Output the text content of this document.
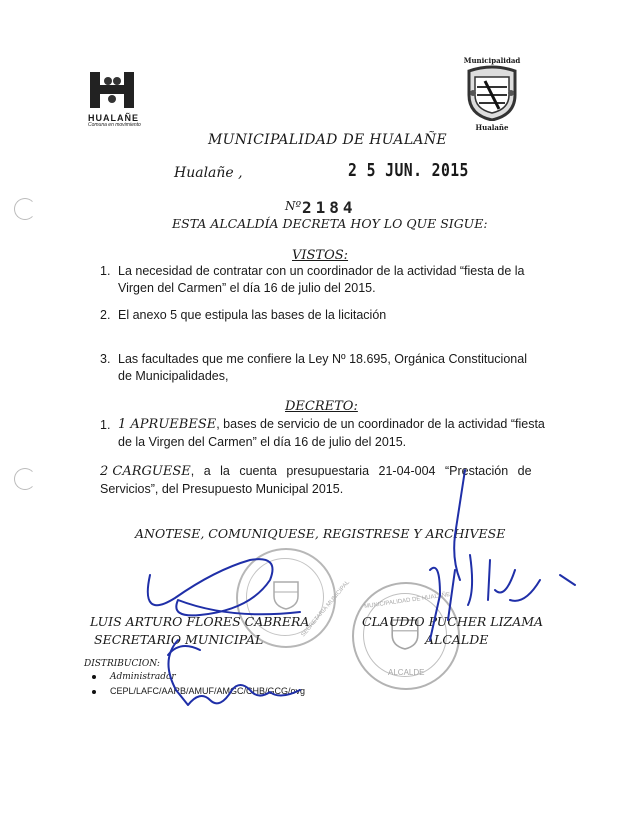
HUALAÑE
Comuna en movimiento
Municipalidad
Hualañe
MUNICIPALIDAD DE HUALAÑE
Hualañe ,	2 5 JUN. 2015
Nº 2184
ESTA ALCALDÍA DECRETA HOY LO QUE SIGUE:
VISTOS:
1. La necesidad de contratar con un coordinador de la actividad “fiesta de la
Virgen del Carmen” el día 16 de julio del 2015.
2. El anexo 5 que estipula las bases de la licitación
3. Las facultades que me confiere la Ley Nº 18.695, Orgánica Constitucional
de Municipalidades,
DECRETO:
1. 1 APRUEBESE, bases de servicio de un coordinador de la actividad “fiesta
de la Virgen del Carmen” el día 16 de julio del 2015.
2 CARGUESE, a la cuenta presupuestaria 21-04-004 “Prestación de
Servicios”, del Presupuesto Municipal 2015.
ANOTESE, COMUNIQUESE, REGISTRESE Y ARCHIVESE
SECRETARIA MUNICIPAL MUNICIPALIDAD DE HUALAÑE
ALCALDE
LUIS ARTURO FLORES CABRERA
SECRETARIO MUNICIPAL
CLAUDIO PUCHER LIZAMA
ALCALDE
DISTRIBUCION:
Administrador
CEPL/LAFC/AARB/AMUF/AMGC/CHB/GCG/ovg
